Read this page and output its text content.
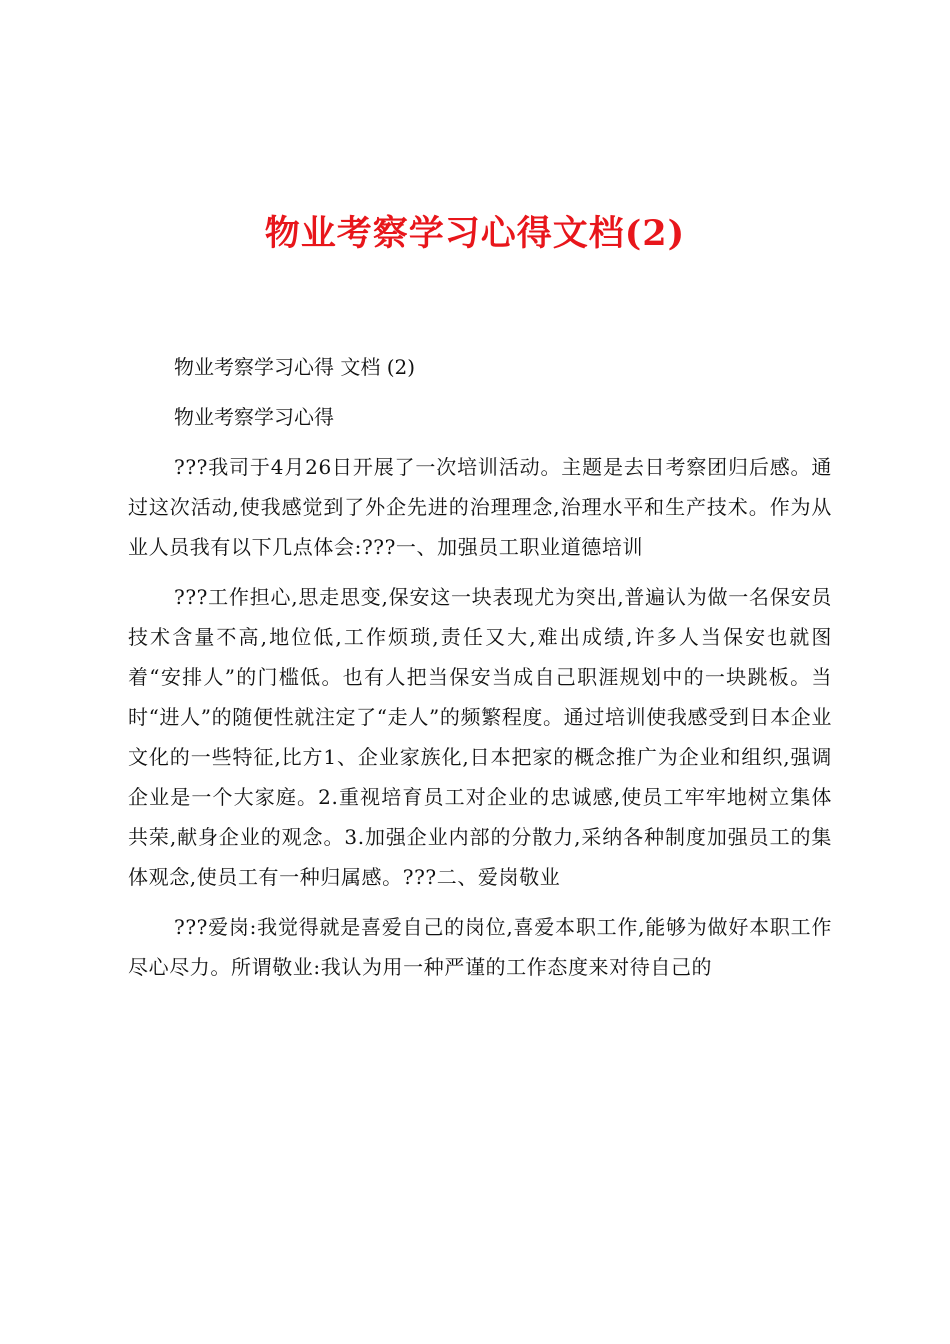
物业考察学习心得文档(2)

物业考察学习心得 文档 (2)

物业考察学习心得

???我司于4月26日开展了一次培训活动。主题是去日考察团归后感。通过这次活动,使我感觉到了外企先进的治理理念,治理水平和生产技术。作为从业人员我有以下几点体会:???一、加强员工职业道德培训

???工作担心,思走思变,保安这一块表现尤为突出,普遍认为做一名保安员技术含量不高,地位低,工作烦琐,责任又大,难出成绩,许多人当保安也就图着“安排人”的门槛低。也有人把当保安当成自己职涯规划中的一块跳板。当时“进人”的随便性就注定了“走人”的频繁程度。通过培训使我感受到日本企业文化的一些特征,比方1、企业家族化,日本把家的概念推广为企业和组织,强调企业是一个大家庭。2.重视培育员工对企业的忠诚感,使员工牢牢地树立集体共荣,献身企业的观念。3.加强企业内部的分散力,采纳各种制度加强员工的集体观念,使员工有一种归属感。???二、爱岗敬业

???爱岗:我觉得就是喜爱自己的岗位,喜爱本职工作,能够为做好本职工作尽心尽力。所谓敬业:我认为用一种严谨的工作态度来对待自己的
